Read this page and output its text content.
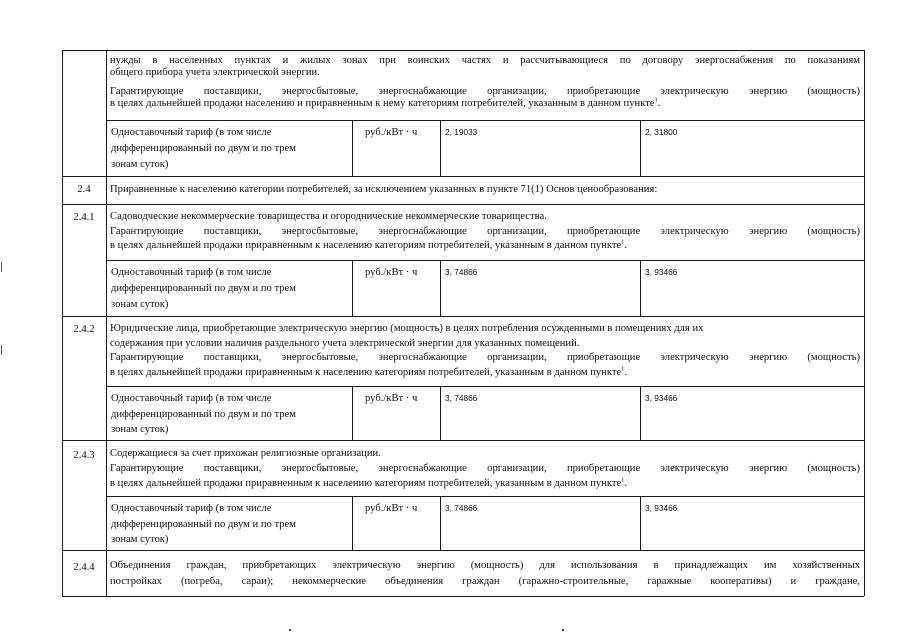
нужды в населенных пунктах и жилых зонах при воинских частях и рассчитывающиеся по договору энергоснабжения по показаниям
общего прибора учета электрической энергии.
Гарантирующие поставщики, энергосбытовые, энергоснабжающие организации, приобретающие электрическую энергию (мощность)
в целях дальнейшей продажи населению и приравненным к нему категориям потребителей, указанным в данном пункте$^1$.
Одноставочный тариф (в том числе
дифференцированный по двум и по трем
зонам суток)
руб./кВт · ч	2, 19033	2, 31800
2.4	Приравненные к населению категории потребителей, за исключением указанных в пункте 71(1) Основ ценообразования:
2.4.1	Садоводческие некоммерческие товарищества и огороднические некоммерческие товарищества.
Гарантирующие поставщики, энергосбытовые, энергоснабжающие организации, приобретающие электрическую энергию (мощность)
в целях дальнейшей продажи приравненным к населению категориям потребителей, указанным в данном пункте$^1$.
Одноставочный тариф (в том числе
дифференцированный по двум и по трем
зонам суток)
руб./кВт · ч	3, 74866	3, 93466
2.4.2	Юридические лица, приобретающие электрическую энергию (мощность) в целях потребления осужденными в помещениях для их
содержания при условии наличия раздельного учета электрической энергии для указанных помещений.
Гарантирующие поставщики, энергосбытовые, энергоснабжающие организации, приобретающие электрическую энергию (мощность)
в целях дальнейшей продажи приравненным к населению категориям потребителей, указанным в данном пункте$^1$.
Одноставочный тариф (в том числе
дифференцированный по двум и по трем
зонам суток)
руб./кВт · ч	3, 74866	3, 93466
2.4.3	Содержащиеся за счет прихожан религиозные организации.
Гарантирующие поставщики, энергосбытовые, энергоснабжающие организации, приобретающие электрическую энергию (мощность)
в целях дальнейшей продажи приравненным к населению категориям потребителей, указанным в данном пункте$^1$.
Одноставочный тариф (в том числе
дифференцированный по двум и по трем
зонам суток)
руб./кВт · ч	3, 74866	3, 93466
2.4.4	Объединения граждан, приобретающих электрическую энергию (мощность) для использования в принадлежащих им хозяйственных
постройках (погреба, сараи); некоммерческие объединения граждан (гаражно-строительные, гаражные кооперативы) и граждане,
